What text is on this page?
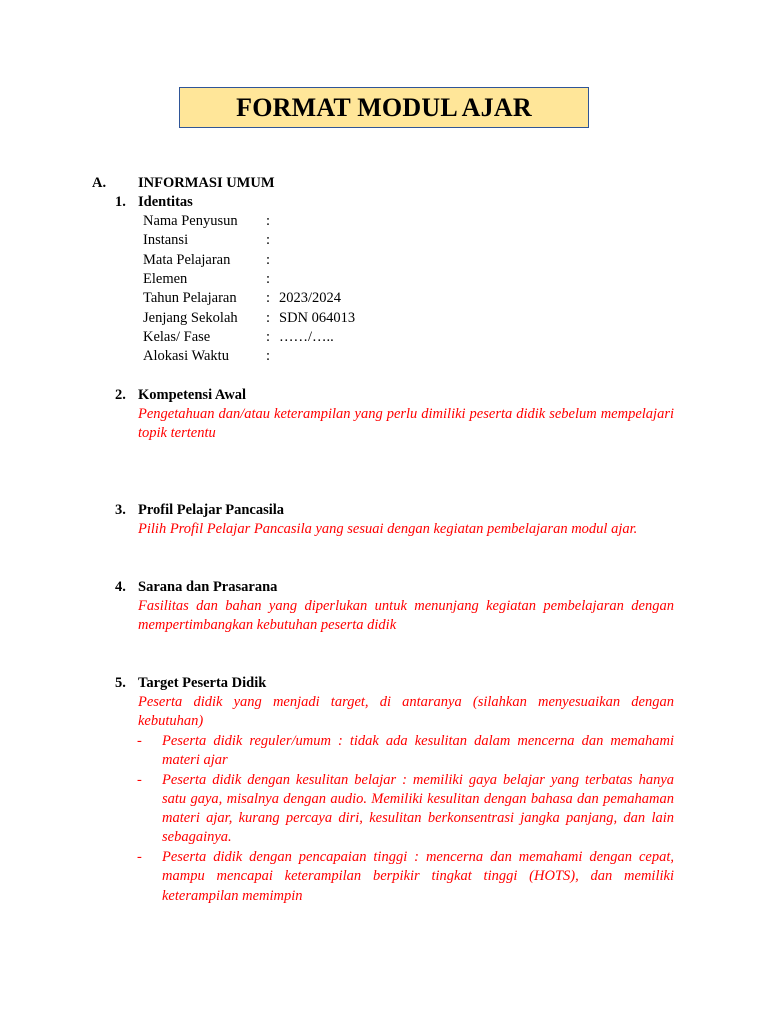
FORMAT MODUL AJAR
A. INFORMASI UMUM
1. Identitas
Nama Penyusun :
Instansi	:
Mata Pelajaran :
Elemen	:
Tahun Pelajaran : 2023/2024
Jenjang Sekolah : SDN 064013
Kelas/ Fase	: ……/…..
Alokasi Waktu	:
2. Kompetensi Awal
Pengetahuan dan/atau keterampilan yang perlu dimiliki peserta didik sebelum mempelajari topik tertentu
3. Profil Pelajar Pancasila
Pilih Profil Pelajar Pancasila yang sesuai dengan kegiatan pembelajaran modul ajar.
4. Sarana dan Prasarana
Fasilitas dan bahan yang diperlukan untuk menunjang kegiatan pembelajaran dengan mempertimbangkan kebutuhan peserta didik
5. Target Peserta Didik
Peserta didik yang menjadi target, di antaranya (silahkan menyesuaikan dengan kebutuhan)
- Peserta didik reguler/umum : tidak ada kesulitan dalam mencerna dan memahami materi ajar
- Peserta didik dengan kesulitan belajar : memiliki gaya belajar yang terbatas hanya satu gaya, misalnya dengan audio. Memiliki kesulitan dengan bahasa dan pemahaman materi ajar, kurang percaya diri, kesulitan berkonsentrasi jangka panjang, dan lain sebagainya.
- Peserta didik dengan pencapaian tinggi : mencerna dan memahami dengan cepat, mampu mencapai keterampilan berpikir tingkat tinggi (HOTS), dan memiliki keterampilan memimpin
